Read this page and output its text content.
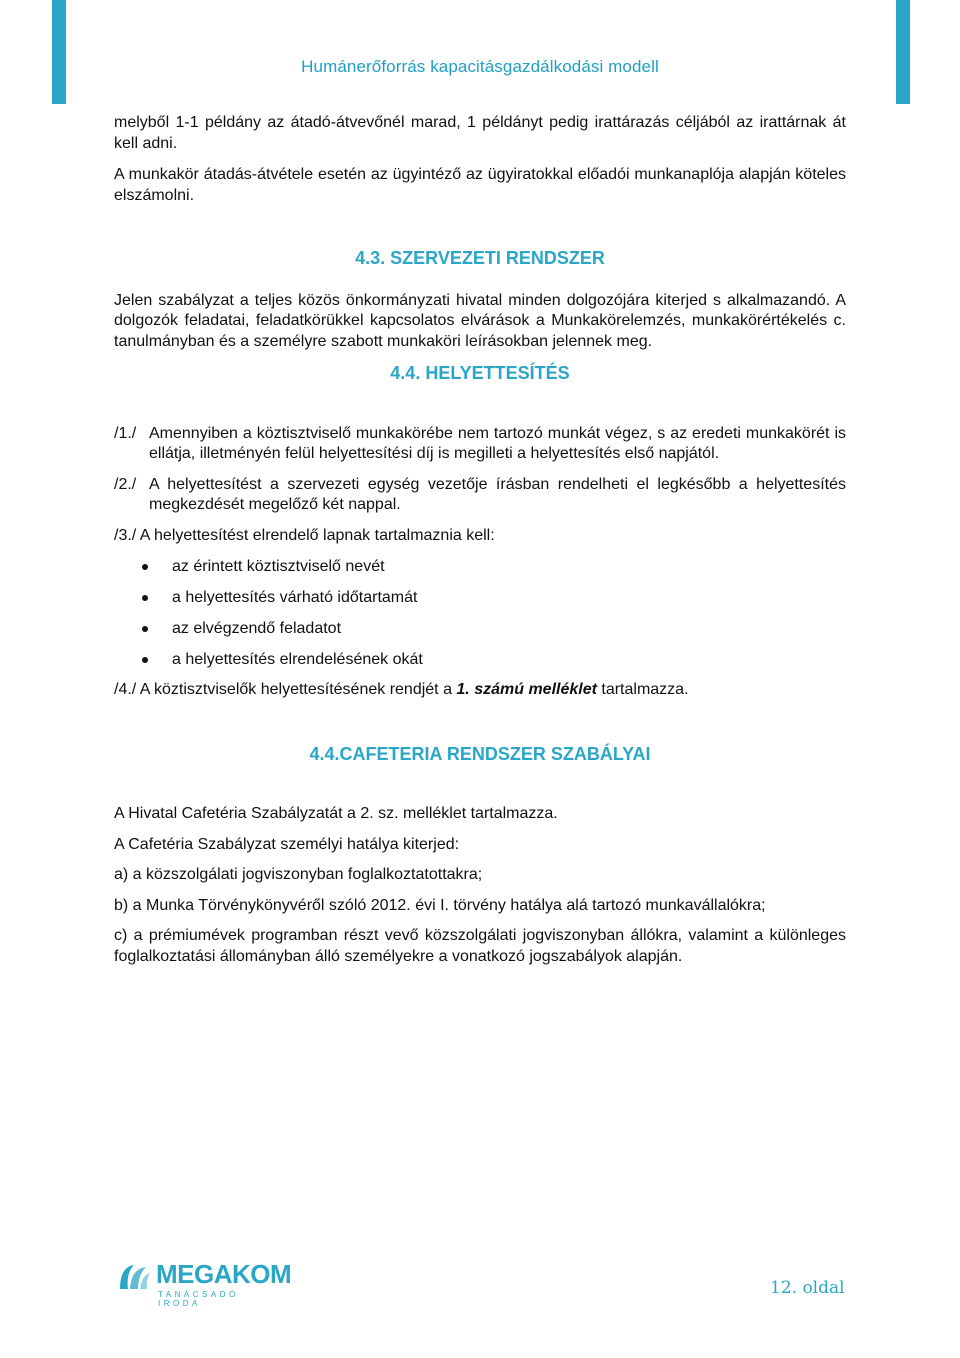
Humánerőforrás kapacitásgazdálkodási modell

melyből 1-1 példány az átadó-átvevőnél marad, 1 példányt pedig irattárazás céljából az irattárnak át kell adni.

A munkakör átadás-átvétele esetén az ügyintéző az ügyiratokkal előadói munkanaplója alapján köteles elszámolni.

4.3. SZERVEZETI RENDSZER

Jelen szabályzat a teljes közös önkormányzati hivatal minden dolgozójára kiterjed s alkalmazandó. A dolgozók feladatai, feladatkörükkel kapcsolatos elvárások a Munkakörelemzés, munkakörértékelés c. tanulmányban és a személyre szabott munkaköri leírásokban jelennek meg.

4.4. HELYETTESÍTÉS
/1./ Amennyiben a köztisztviselő munkakörébe nem tartozó munkát végez, s az eredeti munkakörét is ellátja, illetményén felül helyettesítési díj is megilleti a helyettesítés első napjától.
/2./ A helyettesítést a szervezeti egység vezetője írásban rendelheti el legkésőbb a helyettesítés megkezdését megelőző két nappal.

/3./ A helyettesítést elrendelő lapnak tartalmaznia kell:

az érintett köztisztviselő nevét
a helyettesítés várható időtartamát
az elvégzendő feladatot
a helyettesítés elrendelésének okát

/4./ A köztisztviselők helyettesítésének rendjét a 1. számú melléklet tartalmazza.

4.4.CAFETERIA RENDSZER SZABÁLYAI

A Hivatal Cafetéria Szabályzatát a 2. sz. melléklet tartalmazza.

A Cafetéria Szabályzat személyi hatálya kiterjed:

a) a közszolgálati jogviszonyban foglalkoztatottakra;

b) a Munka Törvénykönyvéről szóló 2012. évi I. törvény hatálya alá tartozó munkavállalókra;

c) a prémiumévek programban részt vevő közszolgálati jogviszonyban állókra, valamint a különleges foglalkoztatási állományban álló személyekre a vonatkozó jogszabályok alapján.

MEGAKOM
TANÁCSADÓ IRODA
12. oldal
